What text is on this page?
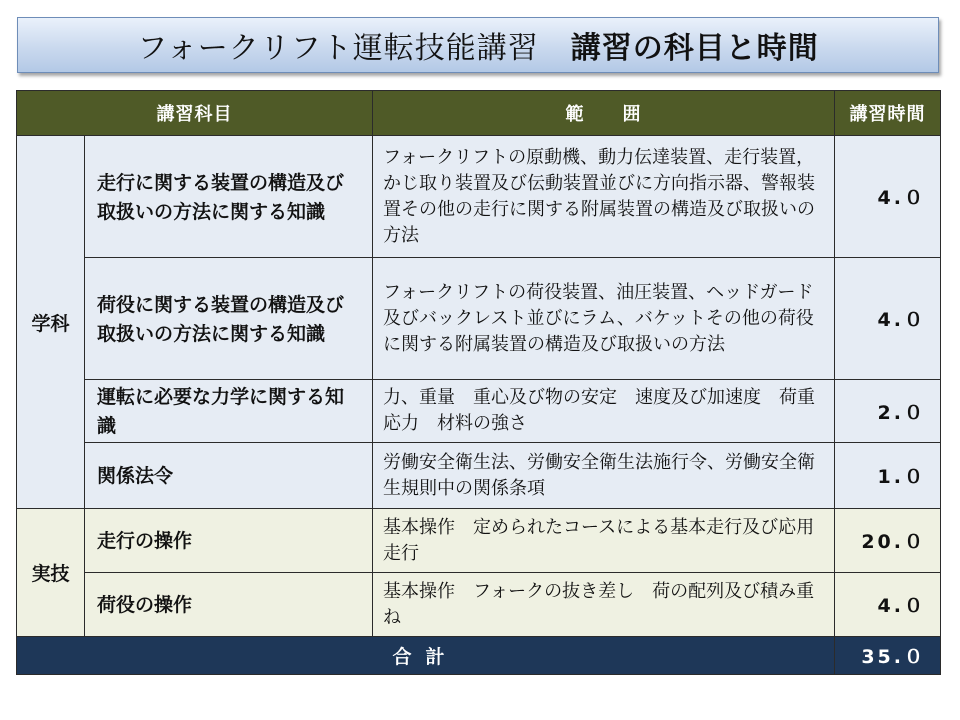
フォークリフト運転技能講習 講習の科目と時間
講習科目		範　　囲	講習時間
学科	走行に関する装置の構造及び取扱いの方法に関する知識	フォークリフトの原動機、動力伝達装置、走行装置，かじ取り装置及び伝動装置並びに方向指示器、警報装置その他の走行に関する附属装置の構造及び取扱いの方法	4.０
	荷役に関する装置の構造及び取扱いの方法に関する知識	フォークリフトの荷役装置、油圧装置、ヘッドガード及びバックレスト並びにラム、バケットその他の荷役に関する附属装置の構造及び取扱いの方法	4.０
	運転に必要な力学に関する知識	力、重量　重心及び物の安定　速度及び加速度　荷重　応力　材料の強さ	2.０
	関係法令	労働安全衛生法、労働安全衛生法施行令、労働安全衛生規則中の関係条項	1.０
実技	走行の操作	基本操作　定められたコースによる基本走行及び応用走行	20.０
	荷役の操作	基本操作　フォークの抜き差し　荷の配列及び積み重ね	4.０
合計			35.０
